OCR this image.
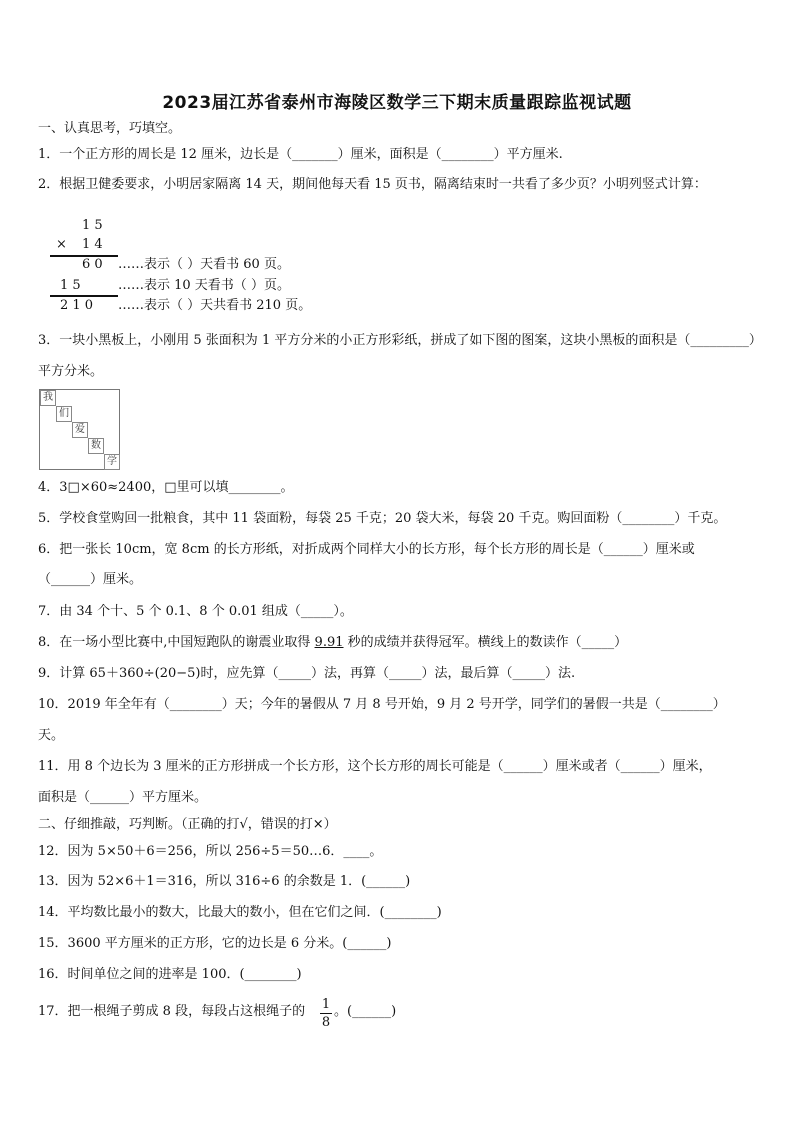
2023届江苏省泰州市海陵区数学三下期末质量跟踪监视试题
一、认真思考，巧填空。
1．一个正方形的周长是 12 厘米，边长是（_______）厘米，面积是（________）平方厘米.
2．根据卫健委要求，小明居家隔离 14 天，期间他每天看 15 页书，隔离结束时一共看了多少页？小明列竖式计算：
1 5
× 1 4
6 0 ……表示（ ）天看书 60 页。
1 5	……表示 10 天看书（ ）页。
2 1 0 ……表示（ ）天共看书 210 页。
3．一块小黑板上，小刚用 5 张面积为 1 平方分米的小正方形彩纸，拼成了如下图的图案，这块小黑板的面积是（_________）
平方分米。
我
们
爱
数
学
4．3□×60≈2400，□里可以填________。
5．学校食堂购回一批粮食，其中 11 袋面粉，每袋 25 千克；20 袋大米，每袋 20 千克。购回面粉（________）千克。
6．把一张长 10cm，宽 8cm 的长方形纸，对折成两个同样大小的长方形，每个长方形的周长是（______）厘米或
（______）厘米。
7．由 34 个十、5 个 0.1、8 个 0.01 组成（_____）。
8．在一场小型比赛中,中国短跑队的谢震业取得 9.91 秒的成绩并获得冠军。横线上的数读作（_____）
9．计算 65＋360÷(20−5)时，应先算（_____）法，再算（_____）法，最后算（_____）法.
10．2019 年全年有（________）天；今年的暑假从 7 月 8 号开始，9 月 2 号开学，同学们的暑假一共是（________）
天。
11．用 8 个边长为 3 厘米的正方形拼成一个长方形，这个长方形的周长可能是（______）厘米或者（______）厘米，
面积是（______）平方厘米。
二、仔细推敲，巧判断。（正确的打√，错误的打×）
12．因为 5×50＋6＝256，所以 256÷5＝50…6．____。
13．因为 52×6＋1＝316，所以 316÷6 的余数是 1．(______)
14．平均数比最小的数大，比最大的数小，但在它们之间．(________)
15．3600 平方厘米的正方形，它的边长是 6 分米。(______)
16．时间单位之间的进率是 100．(________)
17．把一根绳子剪成 8 段，每段占这根绳子的 1
8
。(______)
